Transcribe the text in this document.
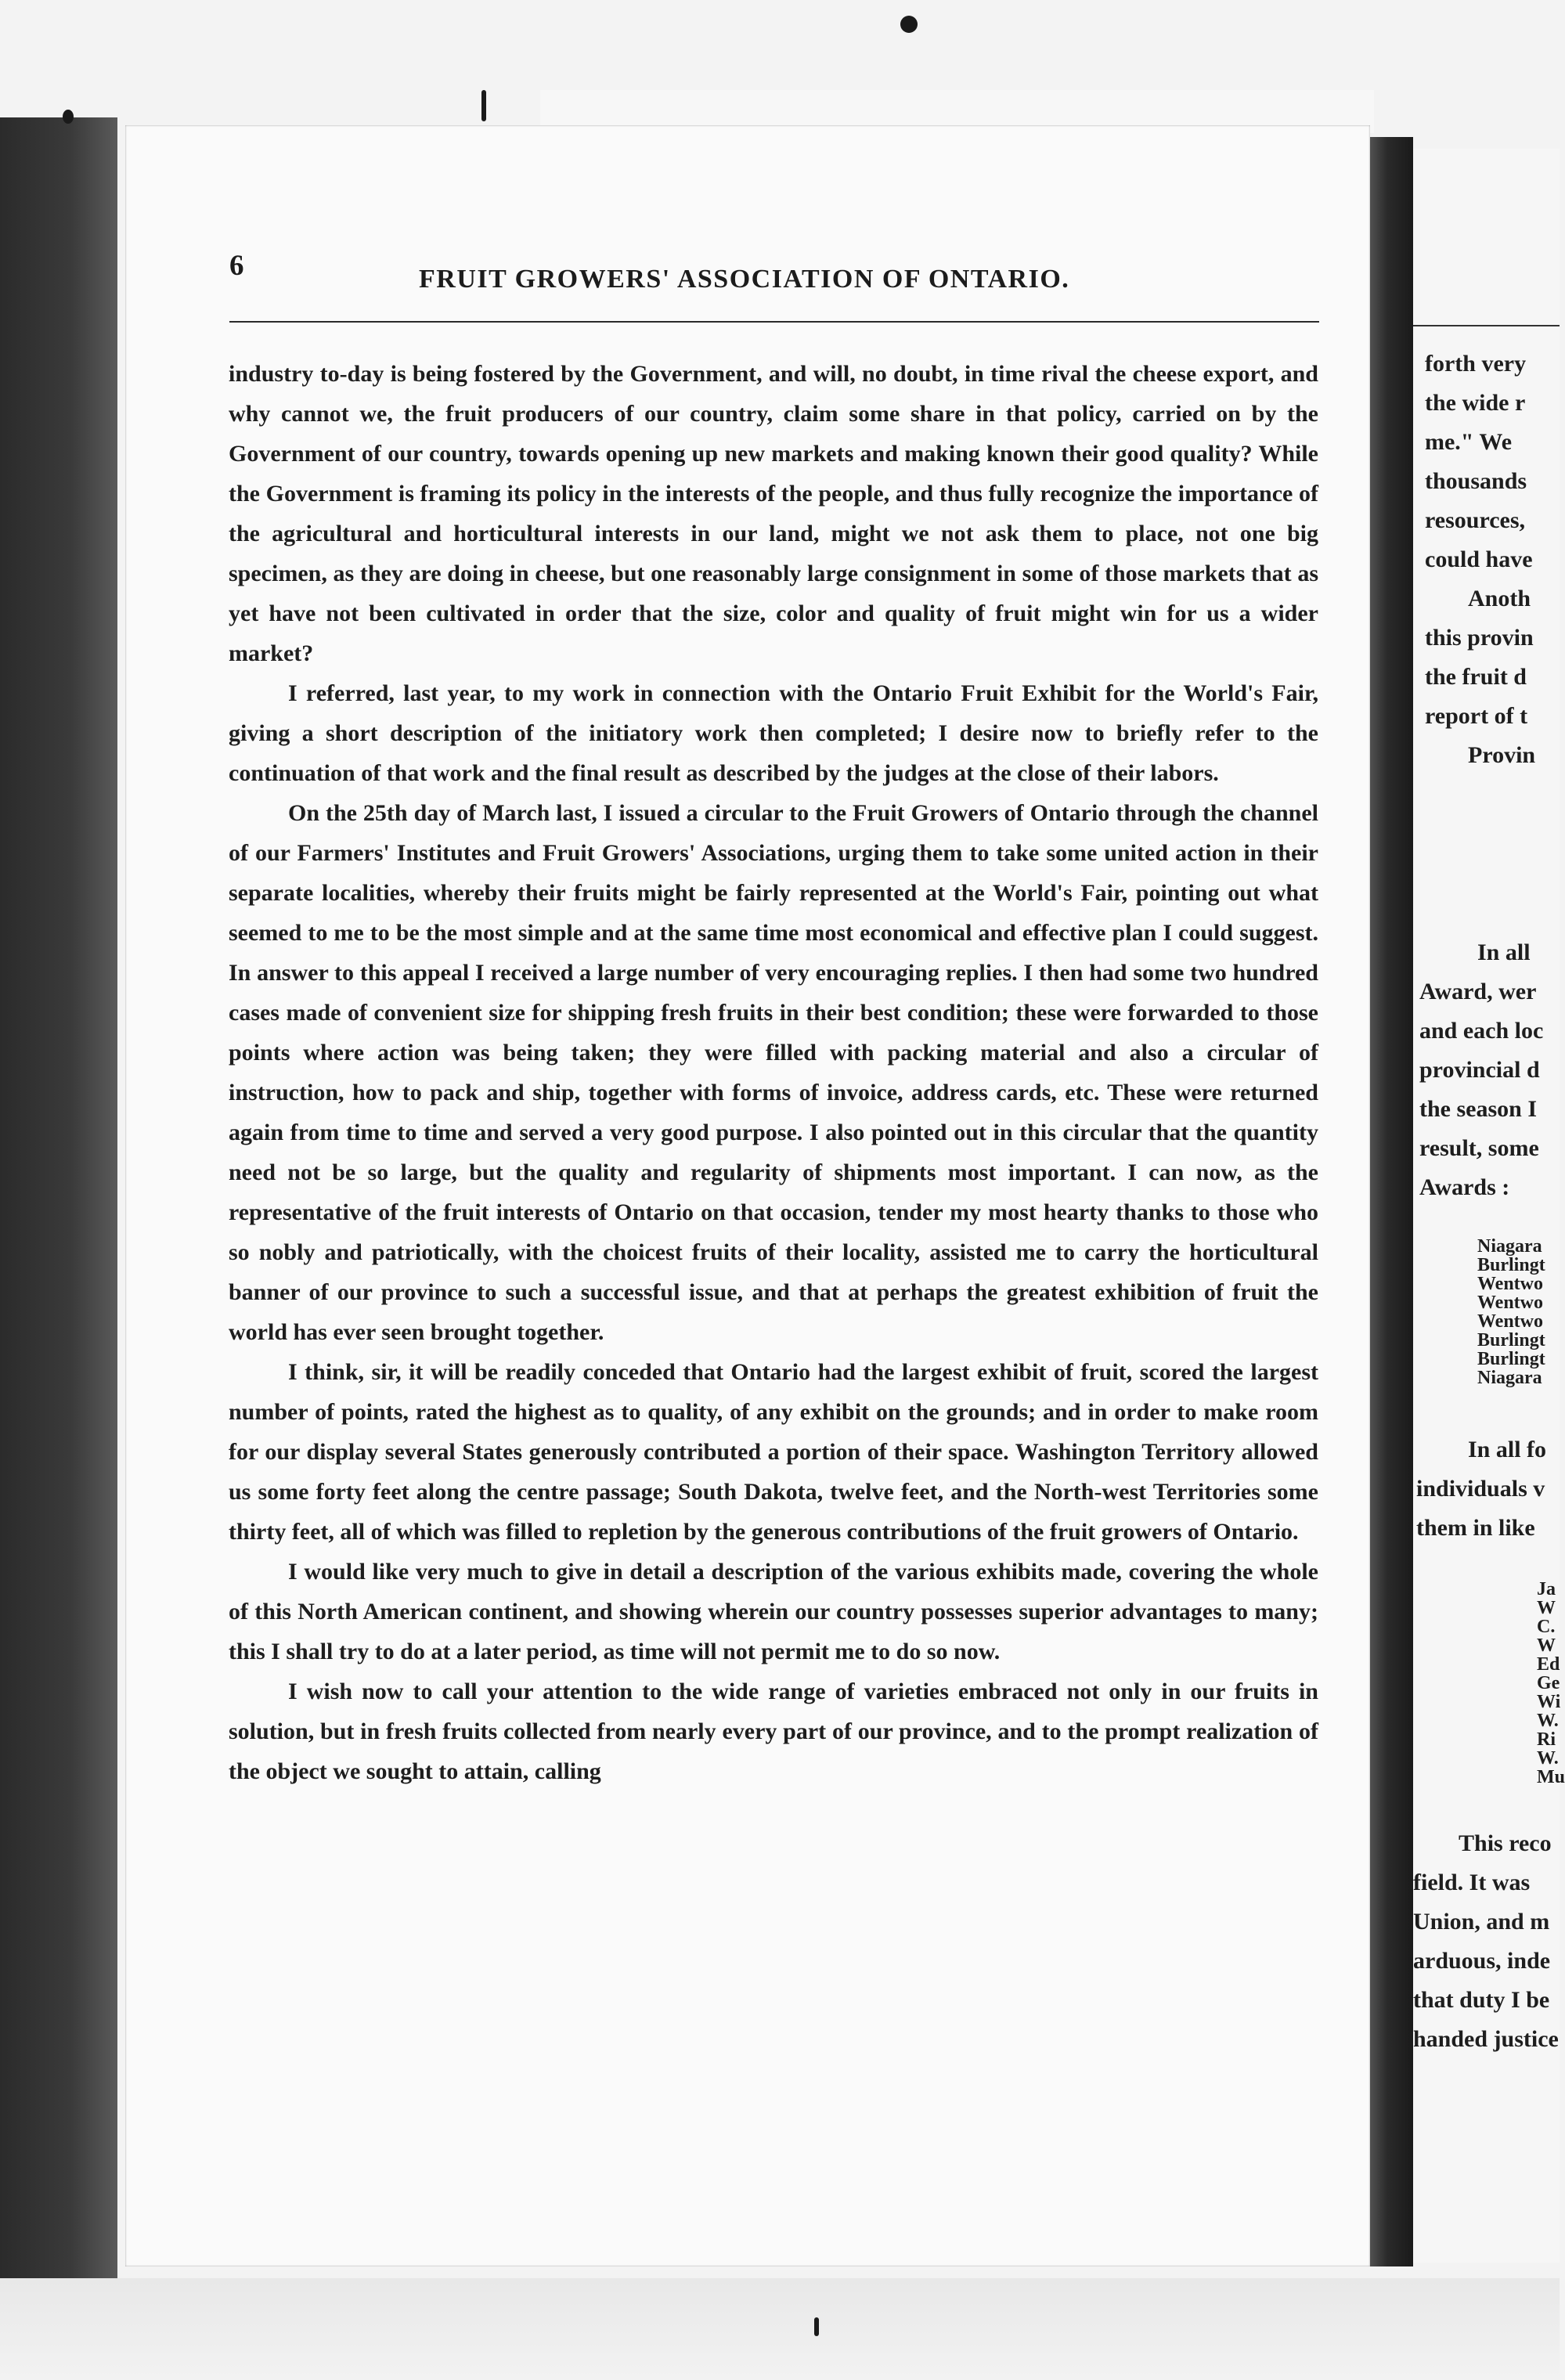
6	FRUIT GROWERS' ASSOCIATION OF ONTARIO.

industry to-day is being fostered by the Government, and will, no doubt, in time rival the cheese export, and why cannot we, the fruit producers of our country, claim some share in that policy, carried on by the Government of our country, towards opening up new markets and making known their good quality? While the Government is framing its policy in the interests of the people, and thus fully recognize the importance of the agricultural and horticultural interests in our land, might we not ask them to place, not one big specimen, as they are doing in cheese, but one reasonably large consignment in some of those markets that as yet have not been cultivated in order that the size, color and quality of fruit might win for us a wider market?

I referred, last year, to my work in connection with the Ontario Fruit Exhibit for the World's Fair, giving a short description of the initiatory work then completed; I desire now to briefly refer to the continuation of that work and the final result as described by the judges at the close of their labors.

On the 25th day of March last, I issued a circular to the Fruit Growers of Ontario through the channel of our Farmers' Institutes and Fruit Growers' Associations, urging them to take some united action in their separate localities, whereby their fruits might be fairly represented at the World's Fair, pointing out what seemed to me to be the most simple and at the same time most economical and effective plan I could suggest. In answer to this appeal I received a large number of very encouraging replies. I then had some two hundred cases made of convenient size for shipping fresh fruits in their best condition; these were forwarded to those points where action was being taken; they were filled with packing material and also a circular of instruction, how to pack and ship, together with forms of invoice, address cards, etc. These were returned again from time to time and served a very good purpose. I also pointed out in this circular that the quantity need not be so large, but the quality and regularity of shipments most important. I can now, as the representative of the fruit interests of Ontario on that occasion, tender my most hearty thanks to those who so nobly and patriotically, with the choicest fruits of their locality, assisted me to carry the horticultural banner of our province to such a successful issue, and that at perhaps the greatest exhibition of fruit the world has ever seen brought together.

I think, sir, it will be readily conceded that Ontario had the largest exhibit of fruit, scored the largest number of points, rated the highest as to quality, of any exhibit on the grounds; and in order to make room for our display several States generously contributed a portion of their space. Washington Territory allowed us some forty feet along the centre passage; South Dakota, twelve feet, and the North-west Territories some thirty feet, all of which was filled to repletion by the generous contributions of the fruit growers of Ontario.

I would like very much to give in detail a description of the various exhibits made, covering the whole of this North American continent, and showing wherein our country possesses superior advantages to many; this I shall try to do at a later period, as time will not permit me to do so now.

I wish now to call your attention to the wide range of varieties embraced not only in our fruits in solution, but in fresh fruits collected from nearly every part of our province, and to the prompt realization of the object we sought to attain, calling

forth very
the wide r
me." We
thousands
resources,
could have
Anoth
this provin
the fruit d
report of t
Provin
In all
Award, wer
and each loc
provincial d
the season I
result, some
Awards :
Niagara
Burlingt
Wentwo
Wentwo
Wentwo
Burlingt
Burlingt
Niagara
In all fo
individuals v
them in like
Ja
W
C.
W
Ed
Ge
Wi
W.
Ri
W.
Mu
This reco
field. It was
Union, and m
arduous, inde
that duty I be
handed justice
